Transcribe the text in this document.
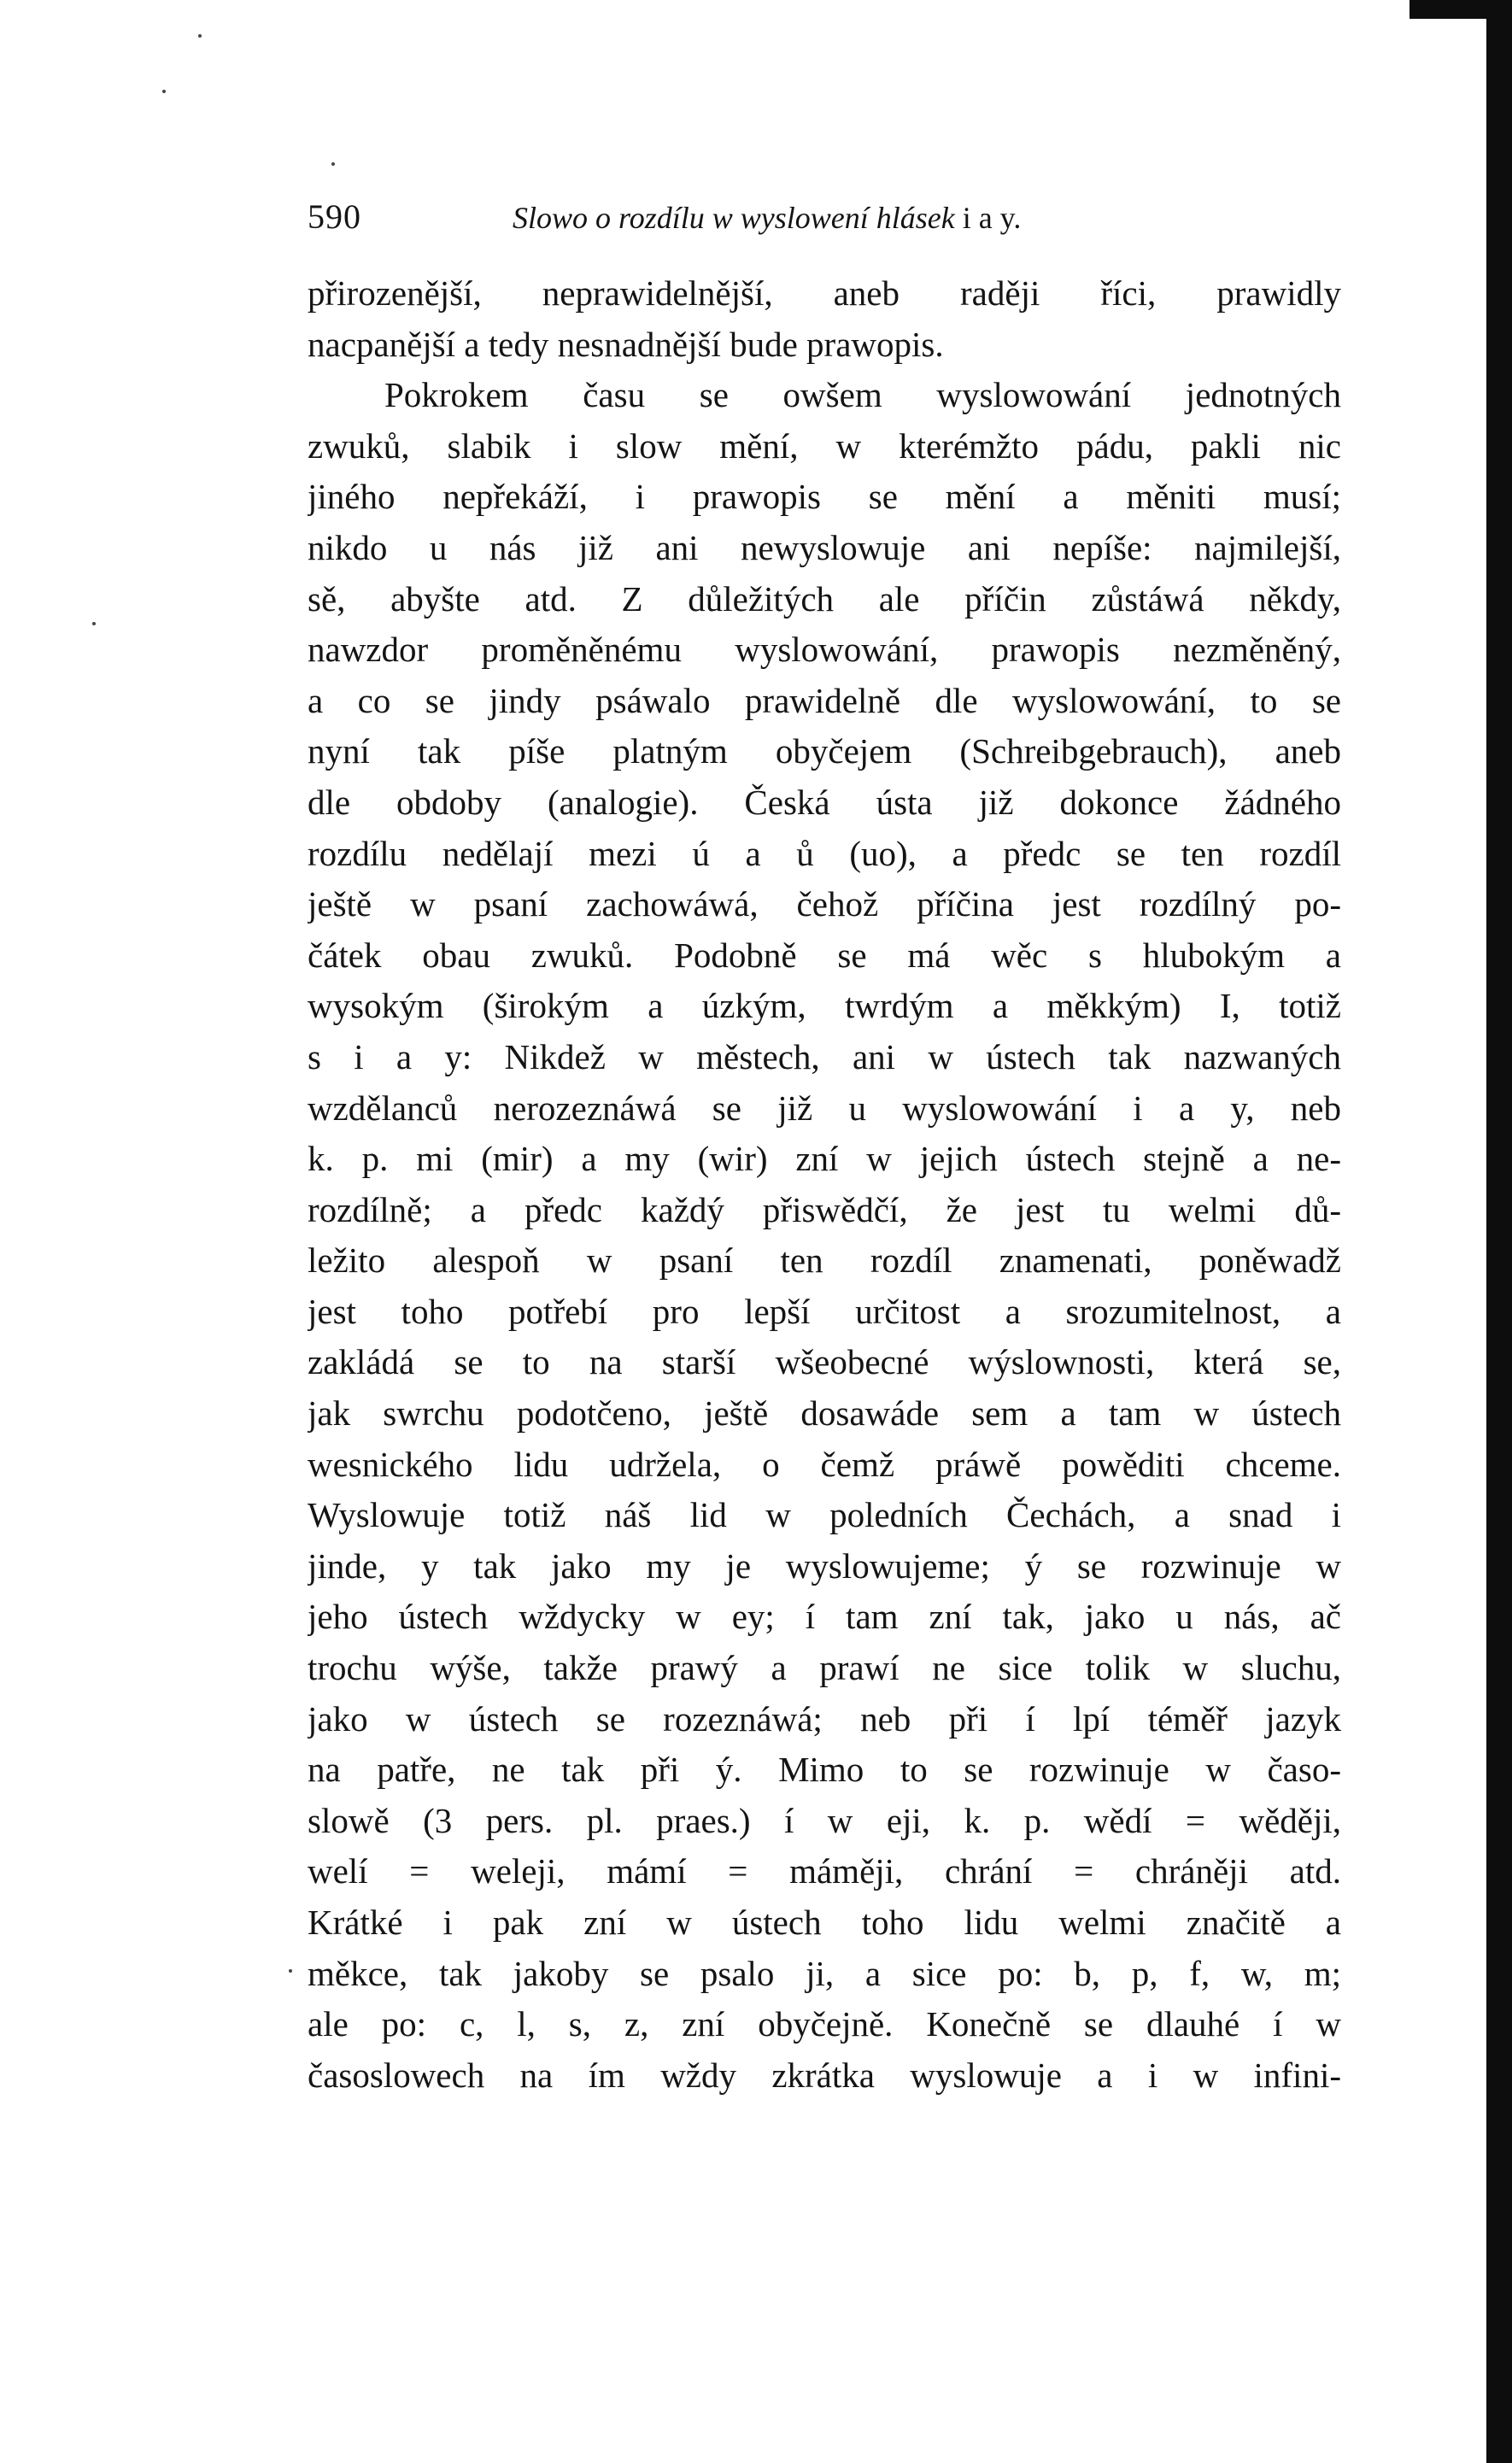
590	Slowo o rozdílu w wyslowení hlásek i a y.
přirozenější, neprawidelnější, aneb raději říci, prawidly
nacpanější a tedy nesnadnější bude prawopis.
Pokrokem času se owšem wyslowowání jednotných
zwuků, slabik i slow mění, w kterémžto pádu, pakli nic
jiného nepřekáží, i prawopis se mění a měniti musí;
nikdo u nás již ani newyslowuje ani nepíše: najmilejší,
sě, abyšte atd. Z důležitých ale příčin zůstáwá někdy,
nawzdor proměněnému wyslowowání, prawopis nezměněný,
a co se jindy psáwalo prawidelně dle wyslowowání, to se
nyní tak píše platným obyčejem (Schreibgebrauch), aneb
dle obdoby (analogie). Česká ústa již dokonce žádného
rozdílu nedělají mezi ú a ů (uo), a předc se ten rozdíl
ještě w psaní zachowáwá, čehož příčina jest rozdílný po-
čátek obau zwuků. Podobně se má wěc s hlubokým a
wysokým (širokým a úzkým, twrdým a měkkým) I, totiž
s i a y: Nikdež w městech, ani w ústech tak nazwaných
wzdělanců nerozeznáwá se již u wyslowowání i a y, neb
k. p. mi (mir) a my (wir) zní w jejich ústech stejně a ne-
rozdílně; a předc každý přiswědčí, že jest tu welmi dů-
ležito alespoň w psaní ten rozdíl znamenati, poněwadž
jest toho potřebí pro lepší určitost a srozumitelnost, a
zakládá se to na starší wšeobecné wýslownosti, která se,
jak swrchu podotčeno, ještě dosawáde sem a tam w ústech
wesnického lidu udržela, o čemž práwě powěditi chceme.
Wyslowuje totiž náš lid w poledních Čechách, a snad i
jinde, y tak jako my je wyslowujeme; ý se rozwinuje w
jeho ústech wždycky w ey; í tam zní tak, jako u nás, ač
trochu wýše, takže prawý a prawí ne sice tolik w sluchu,
jako w ústech se rozeznáwá; neb při í lpí téměř jazyk
na patře, ne tak při ý. Mimo to se rozwinuje w časo-
slowě (3 pers. pl. praes.) í w eji, k. p. wědí = wěději,
welí = weleji, mámí = máměji, chrání = chráněji atd.
Krátké i pak zní w ústech toho lidu welmi značitě a
měkce, tak jakoby se psalo ji, a sice po: b, p, f, w, m;
ale po: c, l, s, z, zní obyčejně. Konečně se dlauhé í w
časoslowech na ím wždy zkrátka wyslowuje a i w infini-
